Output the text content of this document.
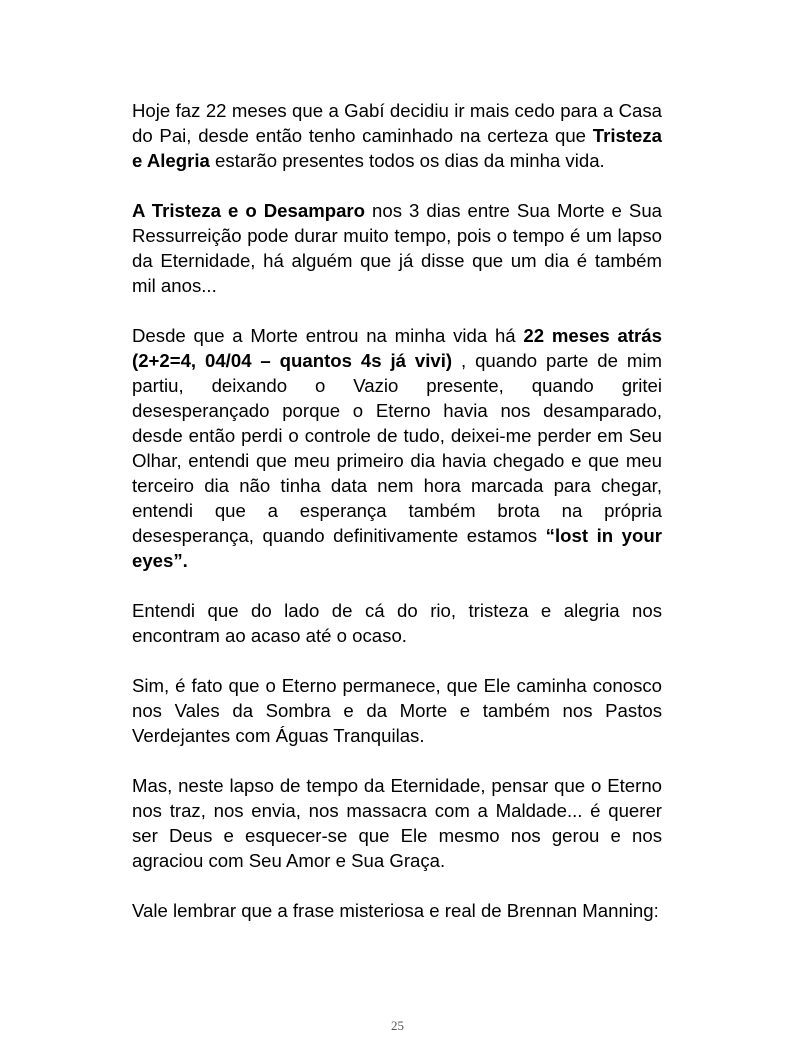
Hoje faz 22 meses que a Gabí decidiu ir mais cedo para a Casa do Pai, desde então tenho caminhado na certeza que Tristeza e Alegria estarão presentes todos os dias da minha vida.

A Tristeza e o Desamparo nos 3 dias entre Sua Morte e Sua Ressurreição pode durar muito tempo, pois o tempo é um lapso da Eternidade, há alguém que já disse que um dia é também mil anos...

Desde que a Morte entrou na minha vida há 22 meses atrás (2+2=4, 04/04 – quantos 4s já vivi) , quando parte de mim partiu, deixando o Vazio presente, quando gritei desesperançado porque o Eterno havia nos desamparado, desde então perdi o controle de tudo, deixei-me perder em Seu Olhar, entendi que meu primeiro dia havia chegado e que meu terceiro dia não tinha data nem hora marcada para chegar, entendi que a esperança também brota na própria desesperança, quando definitivamente estamos “lost in your eyes”.

Entendi que do lado de cá do rio, tristeza e alegria nos encontram ao acaso até o ocaso.

Sim, é fato que o Eterno permanece, que Ele caminha conosco nos Vales da Sombra e da Morte e também nos Pastos Verdejantes com Águas Tranquilas.

Mas, neste lapso de tempo da Eternidade, pensar que o Eterno nos traz, nos envia, nos massacra com a Maldade... é querer ser Deus e esquecer-se que Ele mesmo nos gerou e nos agraciou com Seu Amor e Sua Graça.

Vale lembrar que a frase misteriosa e real de Brennan Manning:

25
